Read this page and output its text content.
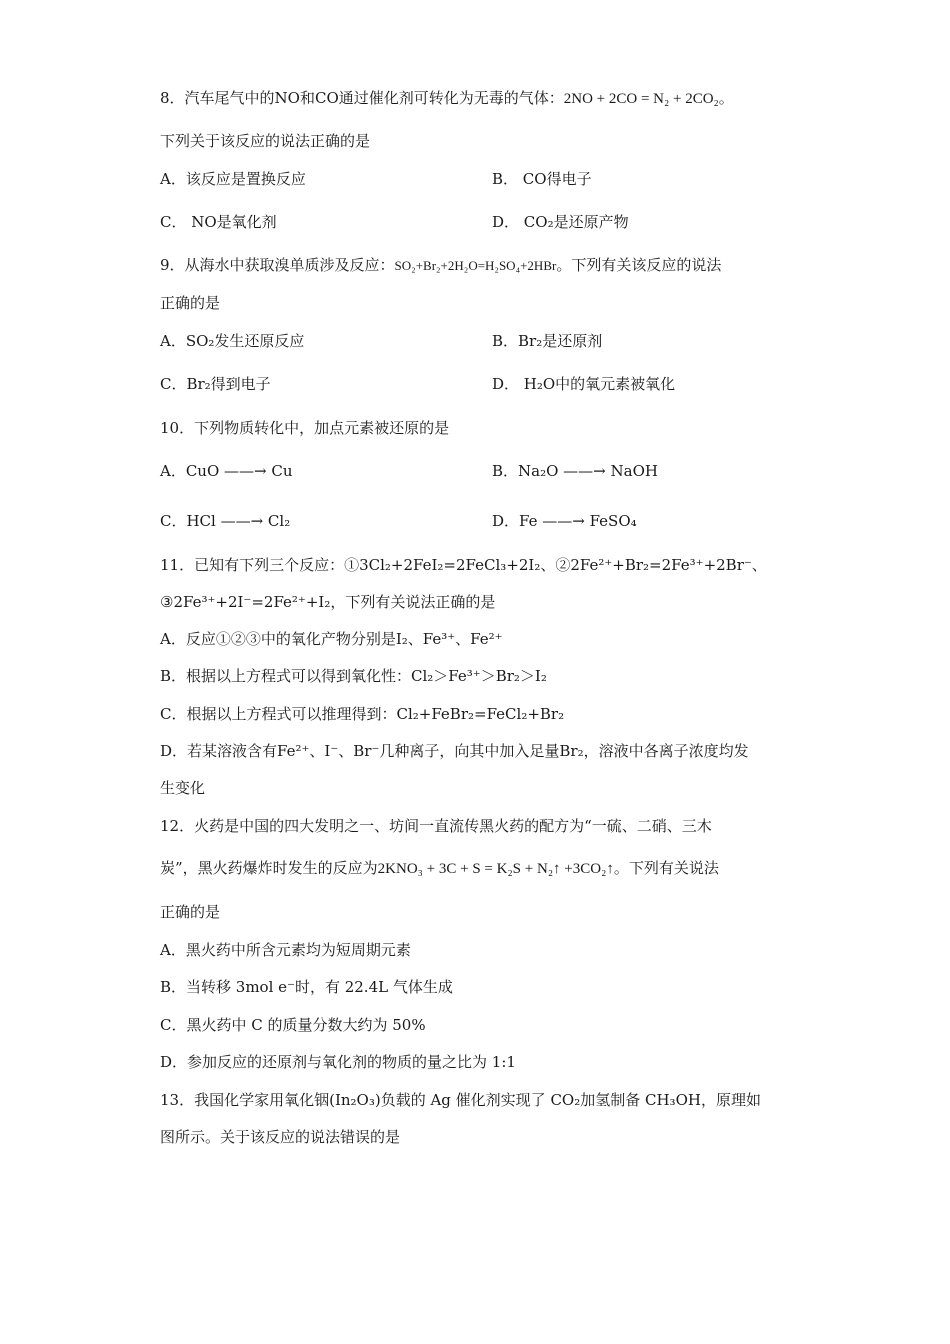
8．汽车尾气中的NO和CO通过催化剂可转化为无毒的气体：2NO + 2CO = N₂ + 2CO₂。
下列关于该反应的说法正确的是
A．该反应是置换反应	B． CO得电子
C． NO是氧化剂	D． CO₂是还原产物
9．从海水中获取溴单质涉及反应：SO₂+Br₂+2H₂O=H₂SO₄+2HBr。下列有关该反应的说法
正确的是
A．SO₂发生还原反应	B．Br₂是还原剂
C．Br₂得到电子	D． H₂O中的氧元素被氧化
10．下列物质转化中，加点元素被还原的是
A．CuO ——→ Cu	B．Na₂O ——→ NaOH
C．HCl ——→ Cl₂	D．Fe ——→ FeSO₄
11．已知有下列三个反应：①3Cl₂+2FeI₂=2FeCl₃+2I₂、②2Fe²⁺+Br₂=2Fe³⁺+2Br⁻、
③2Fe³⁺+2I⁻=2Fe²⁺+I₂，下列有关说法正确的是
A．反应①②③中的氧化产物分别是I₂、Fe³⁺、Fe²⁺
B．根据以上方程式可以得到氧化性：Cl₂＞Fe³⁺＞Br₂＞I₂
C．根据以上方程式可以推理得到：Cl₂+FeBr₂=FeCl₂+Br₂
D．若某溶液含有Fe²⁺、I⁻、Br⁻几种离子，向其中加入足量Br₂，溶液中各离子浓度均发
生变化
12．火药是中国的四大发明之一、坊间一直流传黑火药的配方为“一硫、二硝、三木
炭”，黑火药爆炸时发生的反应为2KNO₃ + 3C + S = K₂S + N₂↑ +3CO₂↑。下列有关说法
正确的是
A．黑火药中所含元素均为短周期元素
B．当转移 3mol e⁻时，有 22.4L 气体生成
C．黑火药中 C 的质量分数大约为 50%
D．参加反应的还原剂与氧化剂的物质的量之比为 1:1
13．我国化学家用氧化铟(In₂O₃)负载的 Ag 催化剂实现了 CO₂加氢制备 CH₃OH，原理如
图所示。关于该反应的说法错误的是
